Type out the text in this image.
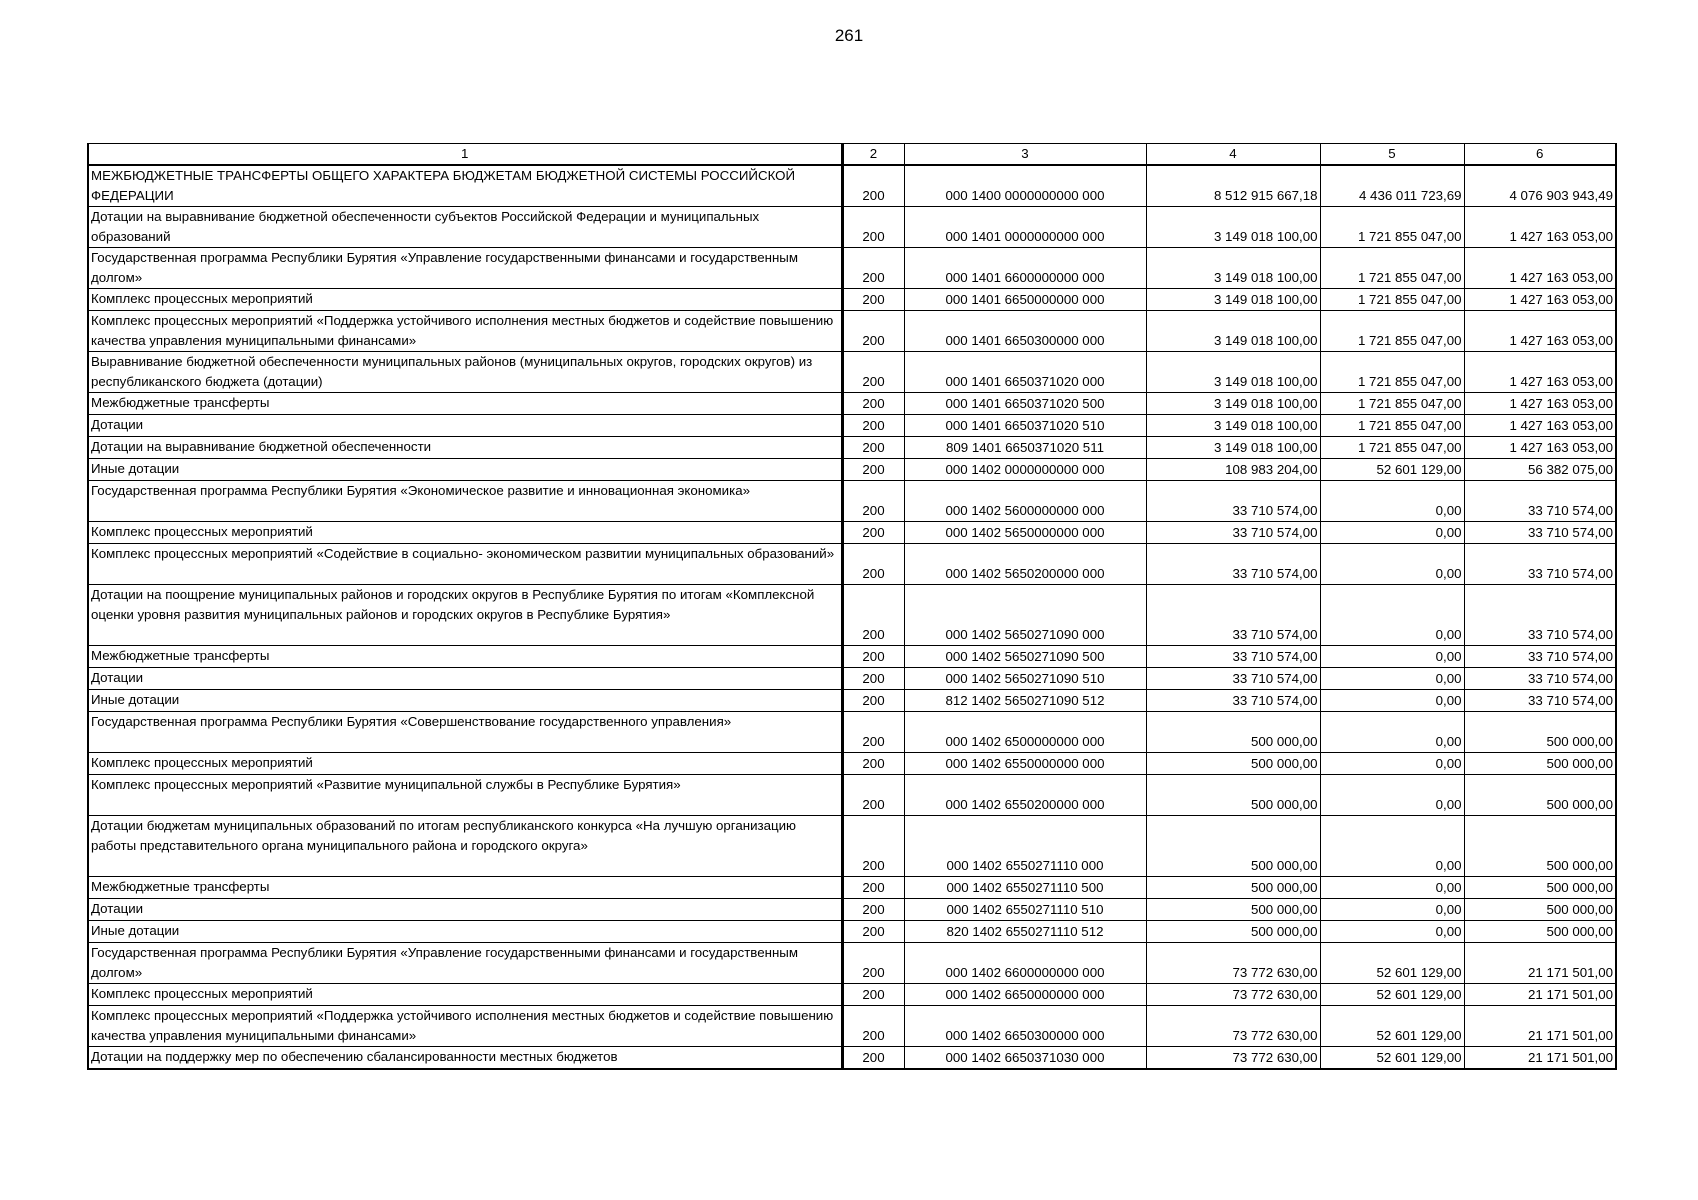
261
1	2	3	4	5	6
МЕЖБЮДЖЕТНЫЕ ТРАНСФЕРТЫ ОБЩЕГО ХАРАКТЕРА БЮДЖЕТАМ БЮДЖЕТНОЙ СИСТЕМЫ РОССИЙСКОЙ ФЕДЕРАЦИИ	200	000 1400 0000000000 000	8 512 915 667,18	4 436 011 723,69	4 076 903 943,49
Дотации на выравнивание бюджетной обеспеченности субъектов Российской Федерации и муниципальных образований	200	000 1401 0000000000 000	3 149 018 100,00	1 721 855 047,00	1 427 163 053,00
Государственная программа Республики Бурятия «Управление государственными финансами и государственным долгом»	200	000 1401 6600000000 000	3 149 018 100,00	1 721 855 047,00	1 427 163 053,00
Комплекс процессных мероприятий	200	000 1401 6650000000 000	3 149 018 100,00	1 721 855 047,00	1 427 163 053,00
Комплекс процессных мероприятий «Поддержка устойчивого исполнения местных бюджетов и содействие повышению качества управления муниципальными финансами»	200	000 1401 6650300000 000	3 149 018 100,00	1 721 855 047,00	1 427 163 053,00
Выравнивание бюджетной обеспеченности муниципальных районов (муниципальных округов, городских округов) из республиканского бюджета (дотации)	200	000 1401 6650371020 000	3 149 018 100,00	1 721 855 047,00	1 427 163 053,00
Межбюджетные трансферты	200	000 1401 6650371020 500	3 149 018 100,00	1 721 855 047,00	1 427 163 053,00
Дотации	200	000 1401 6650371020 510	3 149 018 100,00	1 721 855 047,00	1 427 163 053,00
Дотации на выравнивание бюджетной обеспеченности	200	809 1401 6650371020 511	3 149 018 100,00	1 721 855 047,00	1 427 163 053,00
Иные дотации	200	000 1402 0000000000 000	108 983 204,00	52 601 129,00	56 382 075,00
Государственная программа Республики Бурятия «Экономическое развитие и инновационная экономика»	200	000 1402 5600000000 000	33 710 574,00	0,00	33 710 574,00
Комплекс процессных мероприятий	200	000 1402 5650000000 000	33 710 574,00	0,00	33 710 574,00
Комплекс процессных мероприятий «Содействие в социально- экономическом развитии муниципальных образований»	200	000 1402 5650200000 000	33 710 574,00	0,00	33 710 574,00
Дотации на поощрение муниципальных районов и городских округов в Республике Бурятия по итогам «Комплексной оценки уровня развития муниципальных районов и городских округов в Республике Бурятия»	200	000 1402 5650271090 000	33 710 574,00	0,00	33 710 574,00
Межбюджетные трансферты	200	000 1402 5650271090 500	33 710 574,00	0,00	33 710 574,00
Дотации	200	000 1402 5650271090 510	33 710 574,00	0,00	33 710 574,00
Иные дотации	200	812 1402 5650271090 512	33 710 574,00	0,00	33 710 574,00
Государственная программа Республики Бурятия «Совершенствование государственного управления»	200	000 1402 6500000000 000	500 000,00	0,00	500 000,00
Комплекс процессных мероприятий	200	000 1402 6550000000 000	500 000,00	0,00	500 000,00
Комплекс процессных мероприятий «Развитие муниципальной службы в Республике Бурятия»	200	000 1402 6550200000 000	500 000,00	0,00	500 000,00
Дотации бюджетам муниципальных образований по итогам республиканского конкурса «На лучшую организацию работы представительного органа муниципального района и городского округа»	200	000 1402 6550271110 000	500 000,00	0,00	500 000,00
Межбюджетные трансферты	200	000 1402 6550271110 500	500 000,00	0,00	500 000,00
Дотации	200	000 1402 6550271110 510	500 000,00	0,00	500 000,00
Иные дотации	200	820 1402 6550271110 512	500 000,00	0,00	500 000,00
Государственная программа Республики Бурятия «Управление государственными финансами и государственным долгом»	200	000 1402 6600000000 000	73 772 630,00	52 601 129,00	21 171 501,00
Комплекс процессных мероприятий	200	000 1402 6650000000 000	73 772 630,00	52 601 129,00	21 171 501,00
Комплекс процессных мероприятий «Поддержка устойчивого исполнения местных бюджетов и содействие повышению качества управления муниципальными финансами»	200	000 1402 6650300000 000	73 772 630,00	52 601 129,00	21 171 501,00
Дотации на поддержку мер по обеспечению сбалансированности местных бюджетов	200	000 1402 6650371030 000	73 772 630,00	52 601 129,00	21 171 501,00
